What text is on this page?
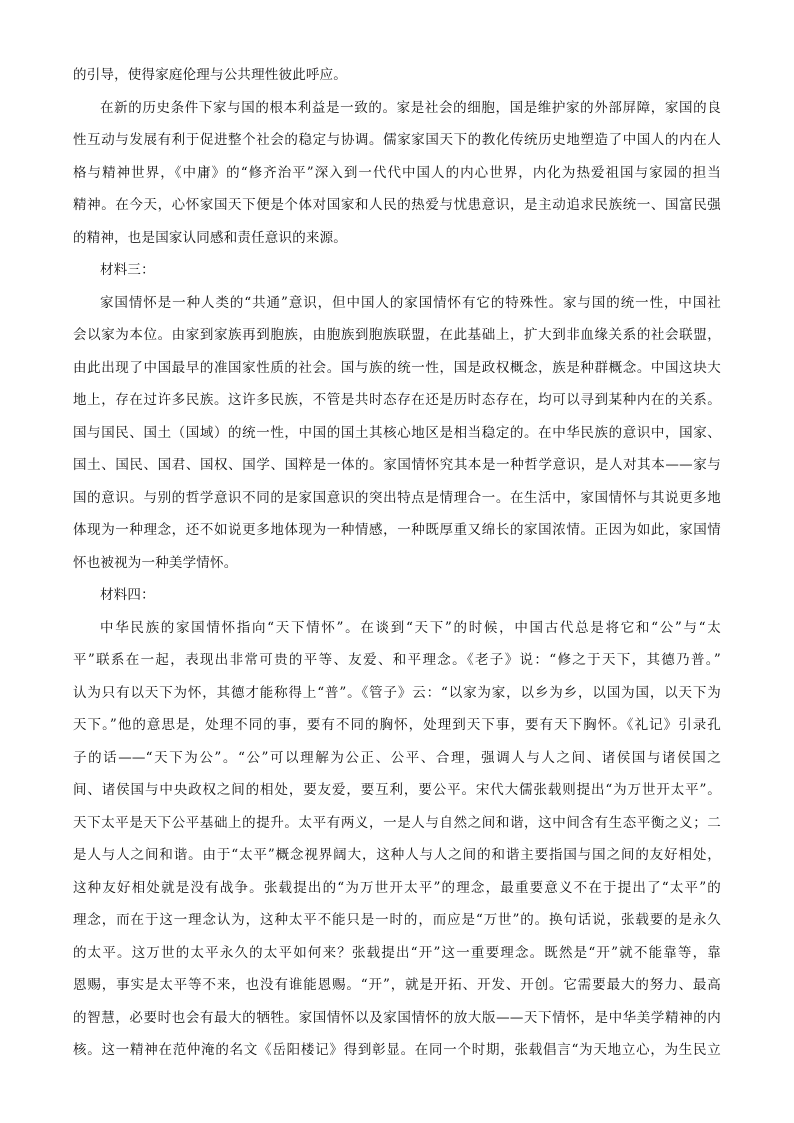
的引导，使得家庭伦理与公共理性彼此呼应。
在新的历史条件下家与国的根本利益是一致的。家是社会的细胞，国是维护家的外部屏障，家国的良
性互动与发展有利于促进整个社会的稳定与协调。儒家家国天下的教化传统历史地塑造了中国人的内在人
格与精神世界，《中庸》的“修齐治平”深入到一代代中国人的内心世界，内化为热爱祖国与家园的担当
精神。在今天，心怀家国天下便是个体对国家和人民的热爱与忧患意识，是主动追求民族统一、国富民强
的精神，也是国家认同感和责任意识的来源。
材料三：
家国情怀是一种人类的“共通”意识，但中国人的家国情怀有它的特殊性。家与国的统一性，中国社
会以家为本位。由家到家族再到胞族，由胞族到胞族联盟，在此基础上，扩大到非血缘关系的社会联盟，
由此出现了中国最早的准国家性质的社会。国与族的统一性，国是政权概念，族是种群概念。中国这块大
地上，存在过许多民族。这许多民族，不管是共时态存在还是历时态存在，均可以寻到某种内在的关系。
国与国民、国土（国域）的统一性，中国的国土其核心地区是相当稳定的。在中华民族的意识中，国家、
国土、国民、国君、国权、国学、国粹是一体的。家国情怀究其本是一种哲学意识，是人对其本——家与
国的意识。与别的哲学意识不同的是家国意识的突出特点是情理合一。在生活中，家国情怀与其说更多地
体现为一种理念，还不如说更多地体现为一种情感，一种既厚重又绵长的家国浓情。正因为如此，家国情
怀也被视为一种美学情怀。
材料四：
中华民族的家国情怀指向“天下情怀”。在谈到“天下”的时候，中国古代总是将它和“公”与“太
平”联系在一起，表现出非常可贵的平等、友爱、和平理念。《老子》说：“修之于天下，其德乃普。”
认为只有以天下为怀，其德才能称得上“普”。《管子》云：“以家为家，以乡为乡，以国为国，以天下为
天下。”他的意思是，处理不同的事，要有不同的胸怀，处理到天下事，要有天下胸怀。《礼记》引录孔
子的话——“天下为公”。“公”可以理解为公正、公平、合理，强调人与人之间、诸侯国与诸侯国之
间、诸侯国与中央政权之间的相处，要友爱，要互利，要公平。宋代大儒张载则提出“为万世开太平”。
天下太平是天下公平基础上的提升。太平有两义，一是人与自然之间和谐，这中间含有生态平衡之义；二
是人与人之间和谐。由于“太平”概念视界阔大，这种人与人之间的和谐主要指国与国之间的友好相处，
这种友好相处就是没有战争。张载提出的“为万世开太平”的理念，最重要意义不在于提出了“太平”的
理念，而在于这一理念认为，这种太平不能只是一时的，而应是“万世”的。换句话说，张载要的是永久
的太平。这万世的太平永久的太平如何来？张载提出“开”这一重要理念。既然是“开”就不能靠等，靠
恩赐，事实是太平等不来，也没有谁能恩赐。“开”，就是开拓、开发、开创。它需要最大的努力、最高
的智慧，必要时也会有最大的牺牲。家国情怀以及家国情怀的放大版——天下情怀，是中华美学精神的内
核。这一精神在范仲淹的名文《岳阳楼记》得到彰显。在同一个时期，张载倡言“为天地立心，为生民立
